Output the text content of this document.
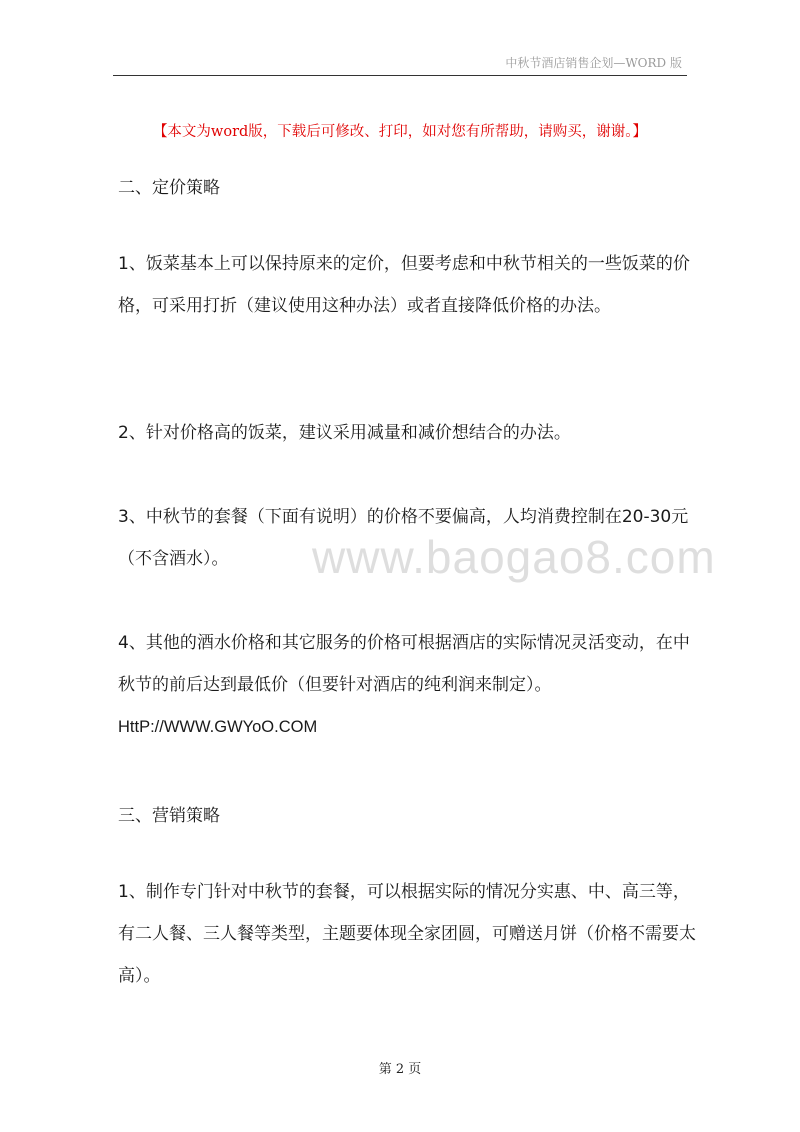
中秋节酒店销售企划—WORD 版
【本文为word版，下载后可修改、打印，如对您有所帮助，请购买，谢谢。】
二、定价策略
1、饭菜基本上可以保持原来的定价，但要考虑和中秋节相关的一些饭菜的价格，可采用打折（建议使用这种办法）或者直接降低价格的办法。
2、针对价格高的饭菜，建议采用减量和减价想结合的办法。
3、中秋节的套餐（下面有说明）的价格不要偏高，人均消费控制在20-30元（不含酒水）。
4、其他的酒水价格和其它服务的价格可根据酒店的实际情况灵活变动，在中秋节的前后达到最低价（但要针对酒店的纯利润来制定）。
HttP://WWW.GWYoO.COM
三、营销策略
1、制作专门针对中秋节的套餐，可以根据实际的情况分实惠、中、高三等，有二人餐、三人餐等类型，主题要体现全家团圆，可赠送月饼（价格不需要太高）。
www.baogao8.com
第 2 页
